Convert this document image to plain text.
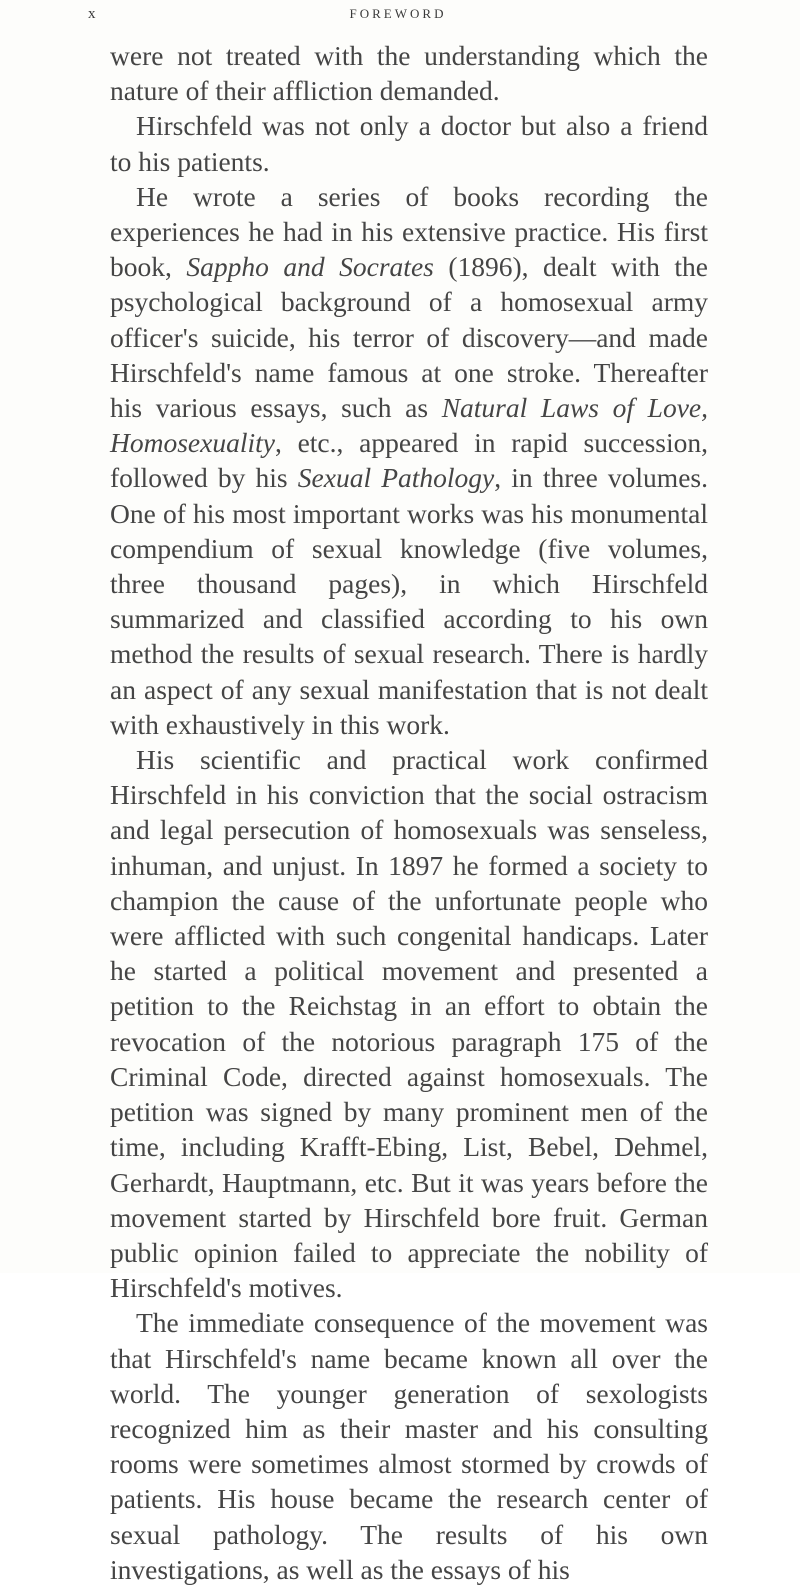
x	FOREWORD

were not treated with the understanding which the nature of their affliction demanded.

Hirschfeld was not only a doctor but also a friend to his patients.

He wrote a series of books recording the experiences he had in his extensive practice. His first book, Sappho and Socrates (1896), dealt with the psychological background of a homosexual army officer's suicide, his terror of discovery—and made Hirschfeld's name famous at one stroke. Thereafter his various essays, such as Natural Laws of Love, Homosexuality, etc., appeared in rapid succession, followed by his Sexual Pathology, in three volumes. One of his most important works was his monumental compendium of sexual knowledge (five volumes, three thousand pages), in which Hirschfeld summarized and classified according to his own method the results of sexual research. There is hardly an aspect of any sexual manifestation that is not dealt with exhaustively in this work.

His scientific and practical work confirmed Hirschfeld in his conviction that the social ostracism and legal persecution of homosexuals was senseless, inhuman, and unjust. In 1897 he formed a society to champion the cause of the unfortunate people who were afflicted with such congenital handicaps. Later he started a political movement and presented a petition to the Reichstag in an effort to obtain the revocation of the notorious paragraph 175 of the Criminal Code, directed against homosexuals. The petition was signed by many prominent men of the time, including Krafft-Ebing, List, Bebel, Dehmel, Gerhardt, Hauptmann, etc. But it was years before the movement started by Hirschfeld bore fruit. German public opinion failed to appreciate the nobility of Hirschfeld's motives.

The immediate consequence of the movement was that Hirschfeld's name became known all over the world. The younger generation of sexologists recognized him as their master and his consulting rooms were sometimes almost stormed by crowds of patients. His house became the research center of sexual pathology. The results of his own investigations, as well as the essays of his
